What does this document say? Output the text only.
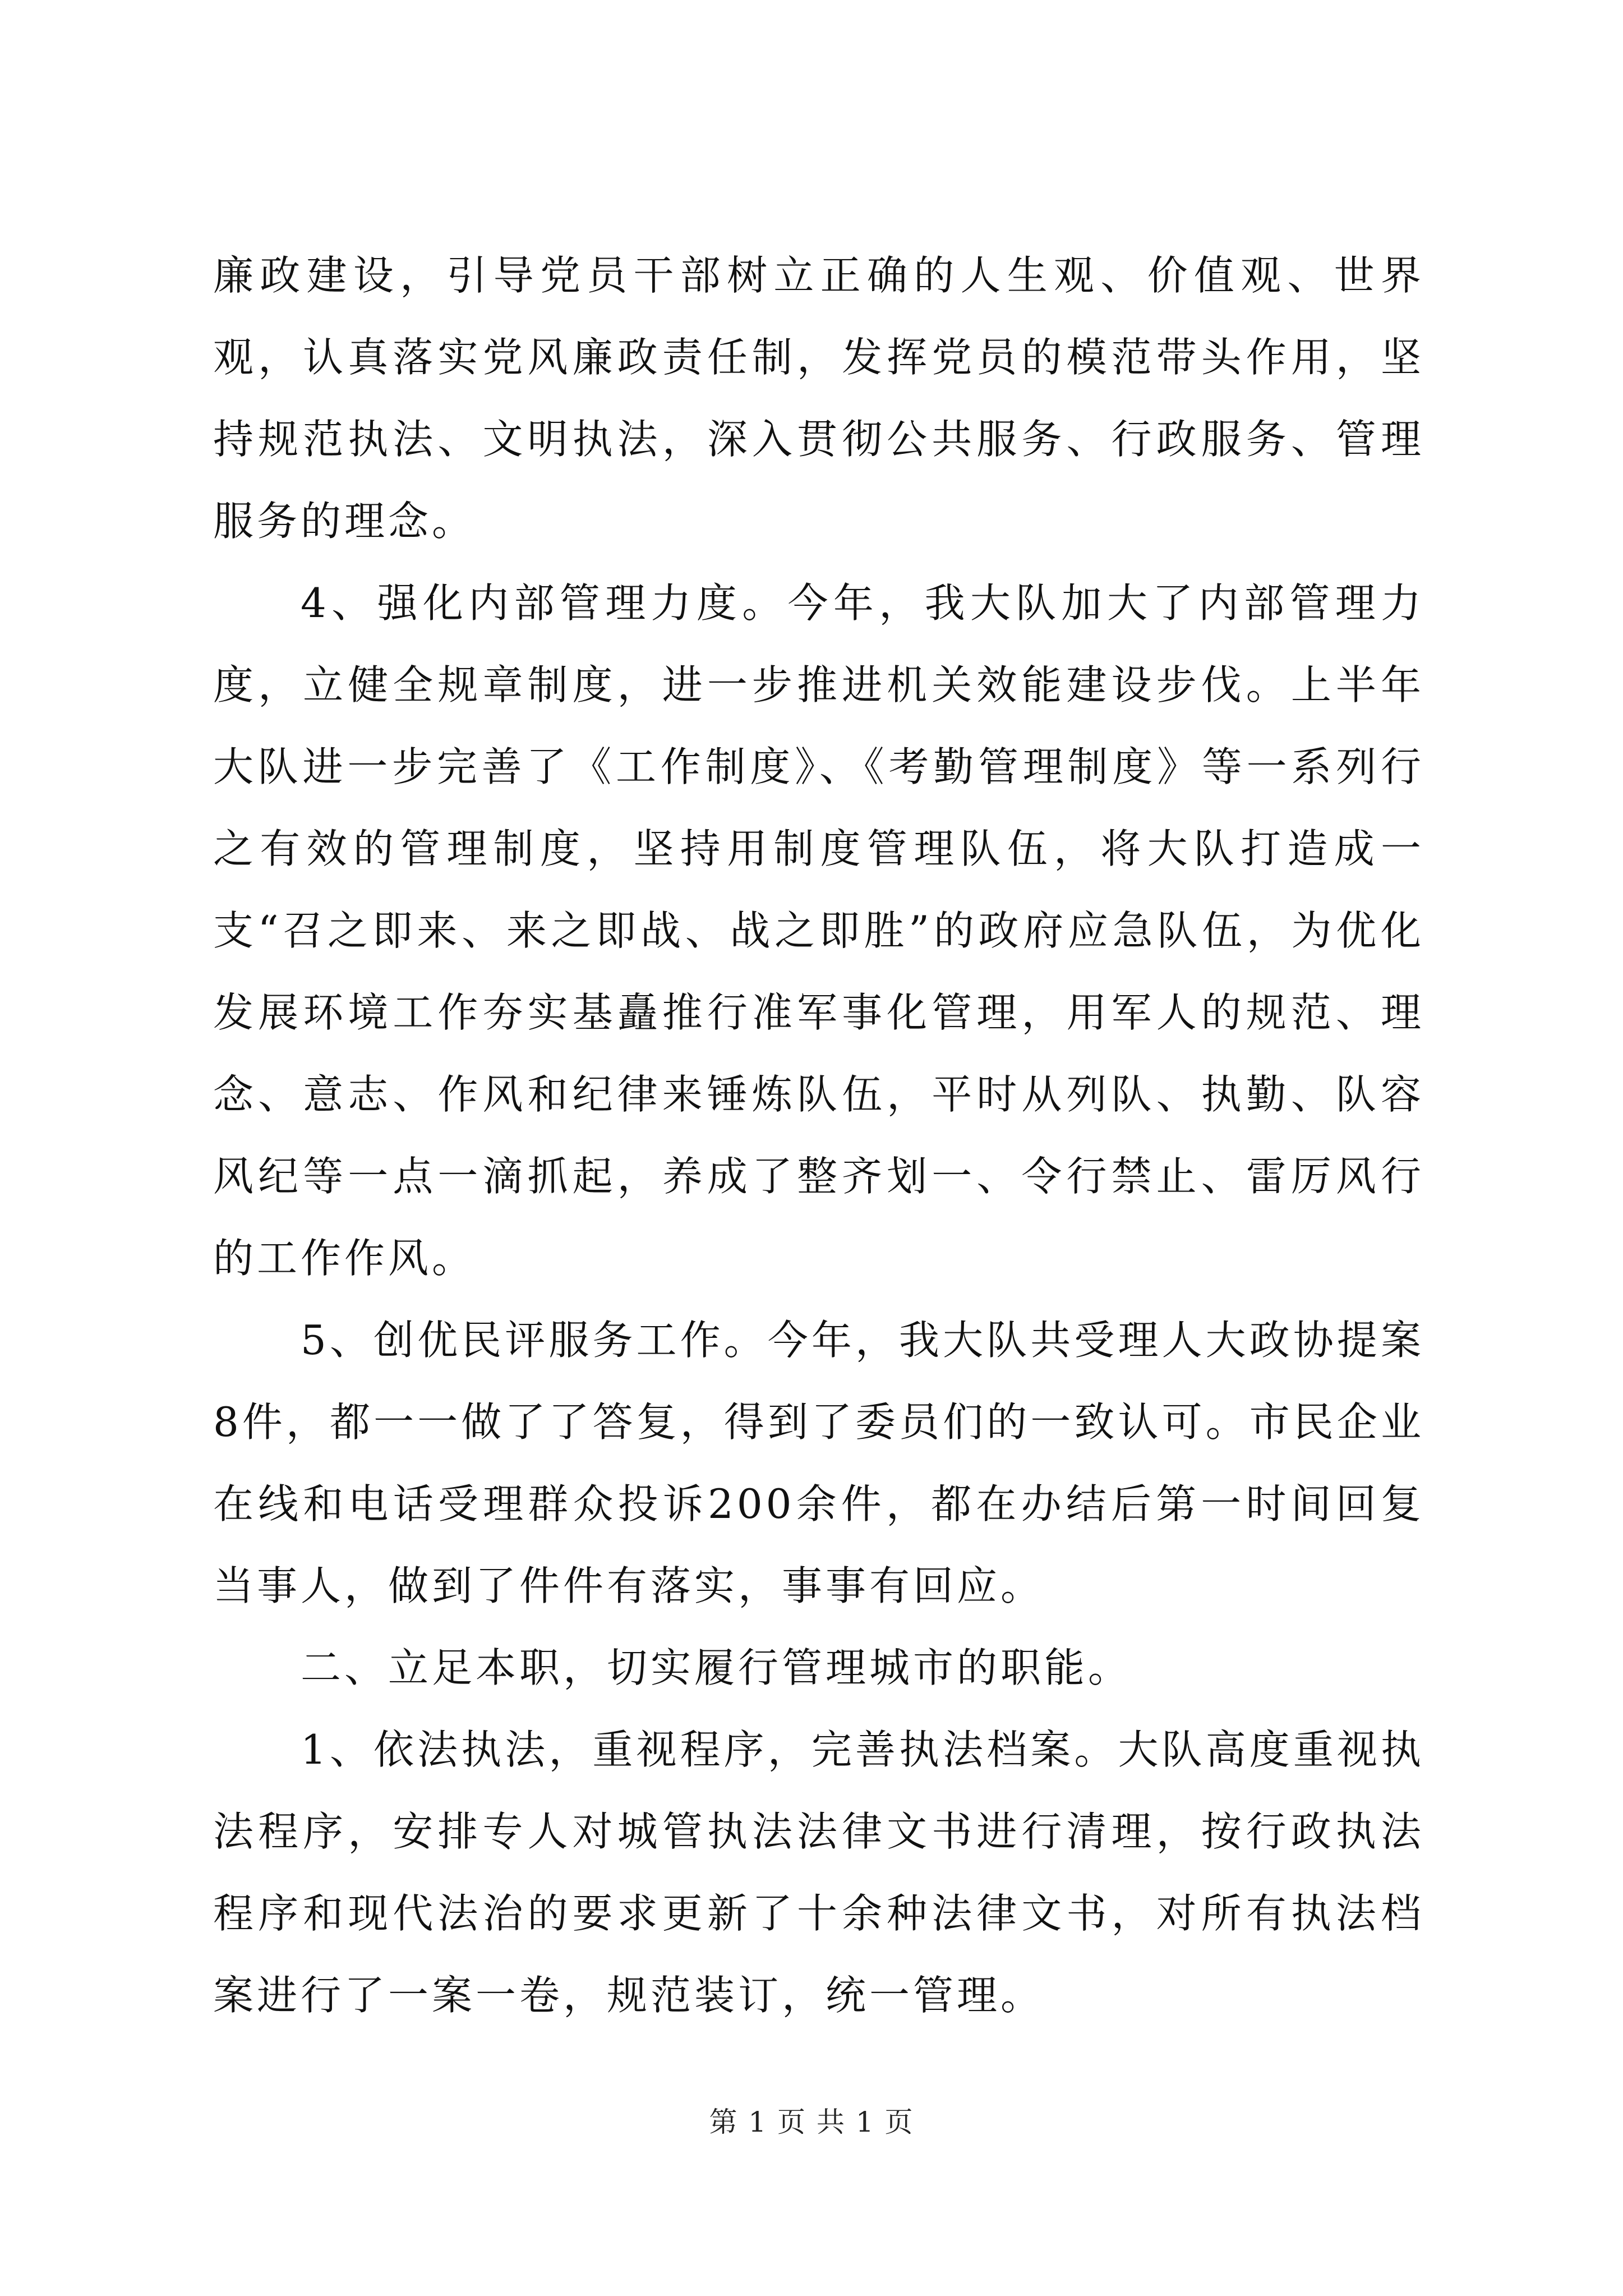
廉政建设，引导党员干部树立正确的人生观、价值观、世界观，认真落实党风廉政责任制，发挥党员的模范带头作用，坚持规范执法、文明执法，深入贯彻公共服务、行政服务、管理服务的理念。

4、强化内部管理力度。今年，我大队加大了内部管理力度，立健全规章制度，进一步推进机关效能建设步伐。上半年大队进一步完善了《工作制度》、《考勤管理制度》等一系列行之有效的管理制度，坚持用制度管理队伍，将大队打造成一支“召之即来、来之即战、战之即胜”的政府应急队伍，为优化发展环境工作夯实基矗推行准军事化管理，用军人的规范、理念、意志、作风和纪律来锤炼队伍，平时从列队、执勤、队容风纪等一点一滴抓起，养成了整齐划一、令行禁止、雷厉风行的工作作风。

5、创优民评服务工作。今年，我大队共受理人大政协提案8件，都一一做了了答复，得到了委员们的一致认可。市民企业在线和电话受理群众投诉200余件，都在办结后第一时间回复当事人，做到了件件有落实，事事有回应。

二、立足本职，切实履行管理城市的职能。

1、依法执法，重视程序，完善执法档案。大队高度重视执法程序，安排专人对城管执法法律文书进行清理，按行政执法程序和现代法治的要求更新了十余种法律文书，对所有执法档案进行了一案一卷，规范装订，统一管理。

第 1 页 共 1 页
